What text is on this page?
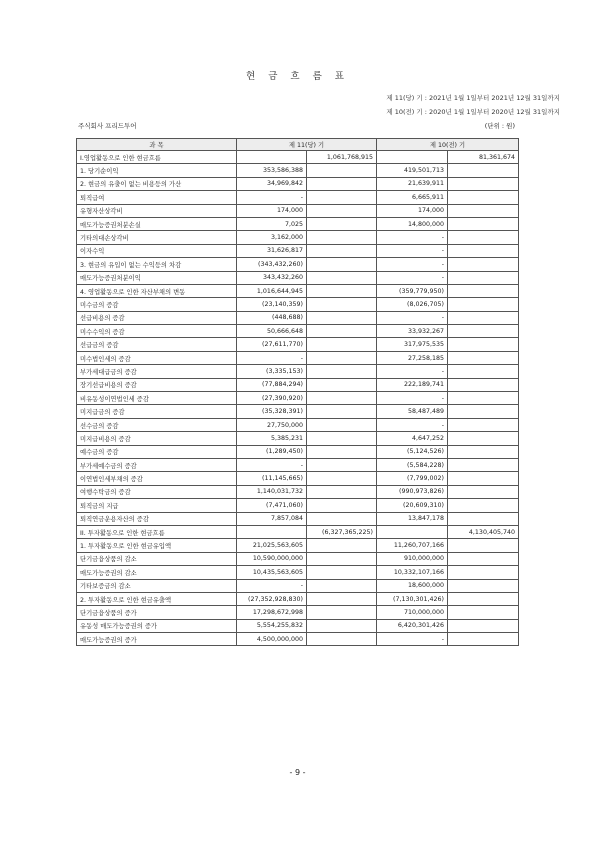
현 금 흐 름 표
제 11(당) 기 : 2021년 1월 1일부터 2021년 12월 31일까지
제 10(전) 기 : 2020년 1월 1일부터 2020년 12월 31일까지
주식회사 프리드투어	(단위 : 원)
과 목	제 11(당) 기		제 10(전) 기	
I.영업활동으로 인한 현금흐름		1,061,768,915		81,361,674
1. 당기순이익	353,586,388		419,501,713	
2. 현금의 유출이 없는 비용등의 가산	34,969,842		21,639,911	
퇴직급여	-		6,665,911	
유형자산상각비	174,000		174,000	
매도가능증권처분손실	7,025		14,800,000	
기타의대손상각비	3,162,000		-	
이자수익	31,626,817		-	
3. 현금의 유입이 없는 수익등의 차감	(343,432,260)		-	
매도가능증권처분이익	343,432,260		-	
4. 영업활동으로 인한 자산부채의 변동	1,016,644,945		(359,779,950)	
미수금의 증감	(23,140,359)		(8,026,705)	
선급비용의 증감	(448,688)		-	
미수수익의 증감	50,666,648		33,932,267	
선급금의 증감	(27,611,770)		317,975,535	
미수법인세의 증감	-		27,258,185	
부가세대급금의 증감	(3,335,153)		-	
장기선급비용의 증감	(77,884,294)		222,189,741	
비유동성이연법인세 증감	(27,390,920)		-	
미지급금의 증감	(35,328,391)		58,487,489	
선수금의 증감	27,750,000		-	
미지급비용의 증감	5,385,231		4,647,252	
예수금의 증감	(1,289,450)		(5,124,526)	
부가세예수금의 증감	-		(5,584,228)	
이연법인세부채의 증감	(11,145,665)		(7,799,002)	
여행수탁금의 증감	1,140,031,732		(990,973,826)	
퇴직금의 지급	(7,471,060)		(20,609,310)	
퇴직연금운용자산의 증감	7,857,084		13,847,178	
II. 투자활동으로 인한 현금흐름		(6,327,365,225)		4,130,405,740
1. 투자활동으로 인한 현금유입액	21,025,563,605		11,260,707,166	
단기금융상품의 감소	10,590,000,000		910,000,000	
매도가능증권의 감소	10,435,563,605		10,332,107,166	
기타보증금의 감소	-		18,600,000	
2. 투자활동으로 인한 현금유출액	(27,352,928,830)		(7,130,301,426)	
단기금융상품의 증가	17,298,672,998		710,000,000	
유동성 매도가능증권의 증가	5,554,255,832		6,420,301,426	
매도가능증권의 증가	4,500,000,000		-	
- 9 -
